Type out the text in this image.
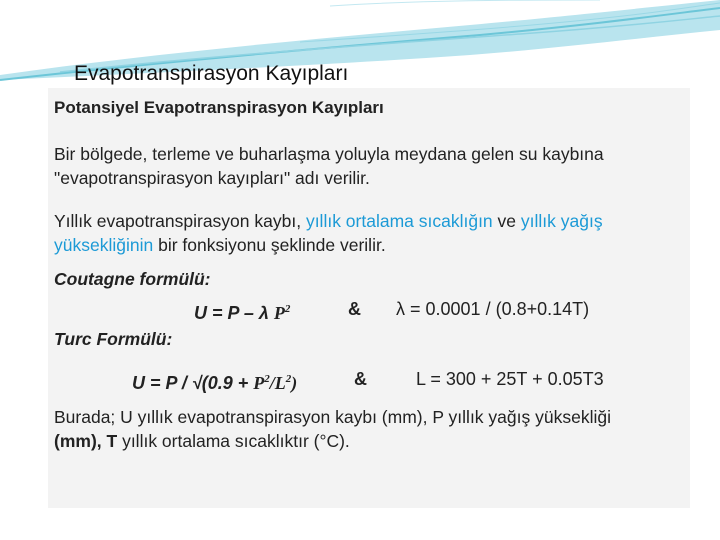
Evapotranspirasyon Kayıpları

Potansiyel Evapotranspirasyon Kayıpları

Bir bölgede, terleme ve buharlaşma yoluyla meydana gelen su kaybına

"evapotranspirasyon kayıpları" adı verilir.

Yıllık evapotranspirasyon kaybı, yıllık ortalama sıcaklığın ve yıllık yağış

yüksekliğinin bir fonksiyonu şeklinde verilir.

Coutagne formülü:

U = P – λ $P^2$	& λ = 0.0001 / (0.8+0.14T)

Turc Formülü:

$U = P / √(0.9 + P^2/L^2)$	&	L = 300 + 25T + 0.05T3

Burada; U yıllık evapotranspirasyon kaybı (mm), P yıllık yağış yüksekliği

(mm), T yıllık ortalama sıcaklıktır (°C).
